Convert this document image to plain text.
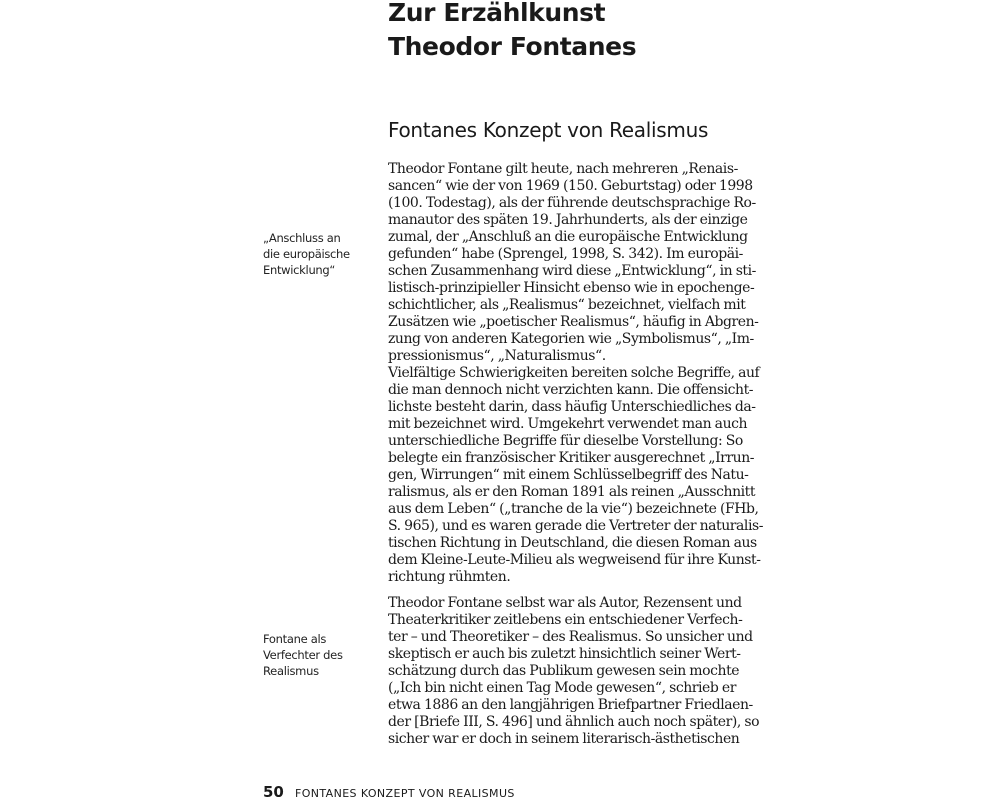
Zur Erzählkunst
Theodor Fontanes
Fontanes Konzept von Realismus
„Anschluss an
die europäische
Entwicklung“
Fontane als
Verfechter des
Realismus
Theodor Fontane gilt heute, nach mehreren „Renais-
sancen“ wie der von 1969 (150. Geburtstag) oder 1998
(100. Todestag), als der führende deutschsprachige Ro-
manautor des späten 19. Jahrhunderts, als der einzige
zumal, der „Anschluß an die europäische Entwicklung
gefunden“ habe (Sprengel, 1998, S. 342). Im europäi-
schen Zusammenhang wird diese „Entwicklung“, in sti-
listisch-prinzipieller Hinsicht ebenso wie in epochenge-
schichtlicher, als „Realismus“ bezeichnet, vielfach mit
Zusätzen wie „poetischer Realismus“, häufig in Abgren-
zung von anderen Kategorien wie „Symbolismus“, „Im-
pressionismus“, „Naturalismus“.
Vielfältige Schwierigkeiten bereiten solche Begriffe, auf
die man dennoch nicht verzichten kann. Die offensicht-
lichste besteht darin, dass häufig Unterschiedliches da-
mit bezeichnet wird. Umgekehrt verwendet man auch
unterschiedliche Begriffe für dieselbe Vorstellung: So
belegte ein französischer Kritiker ausgerechnet „Irrun-
gen, Wirrungen“ mit einem Schlüsselbegriff des Natu-
ralismus, als er den Roman 1891 als reinen „Ausschnitt
aus dem Leben“ („tranche de la vie“) bezeichnete (FHb,
S. 965), und es waren gerade die Vertreter der naturalis-
tischen Richtung in Deutschland, die diesen Roman aus
dem Kleine-Leute-Milieu als wegweisend für ihre Kunst-
richtung rühmten.
Theodor Fontane selbst war als Autor, Rezensent und
Theaterkritiker zeitlebens ein entschiedener Verfech-
ter – und Theoretiker – des Realismus. So unsicher und
skeptisch er auch bis zuletzt hinsichtlich seiner Wert-
schätzung durch das Publikum gewesen sein mochte
(„Ich bin nicht einen Tag Mode gewesen“, schrieb er
etwa 1886 an den langjährigen Briefpartner Friedlaen-
der [Briefe III, S. 496] und ähnlich auch noch später), so
sicher war er doch in seinem literarisch-ästhetischen
50 FONTANES KONZEPT VON REALISMUS
